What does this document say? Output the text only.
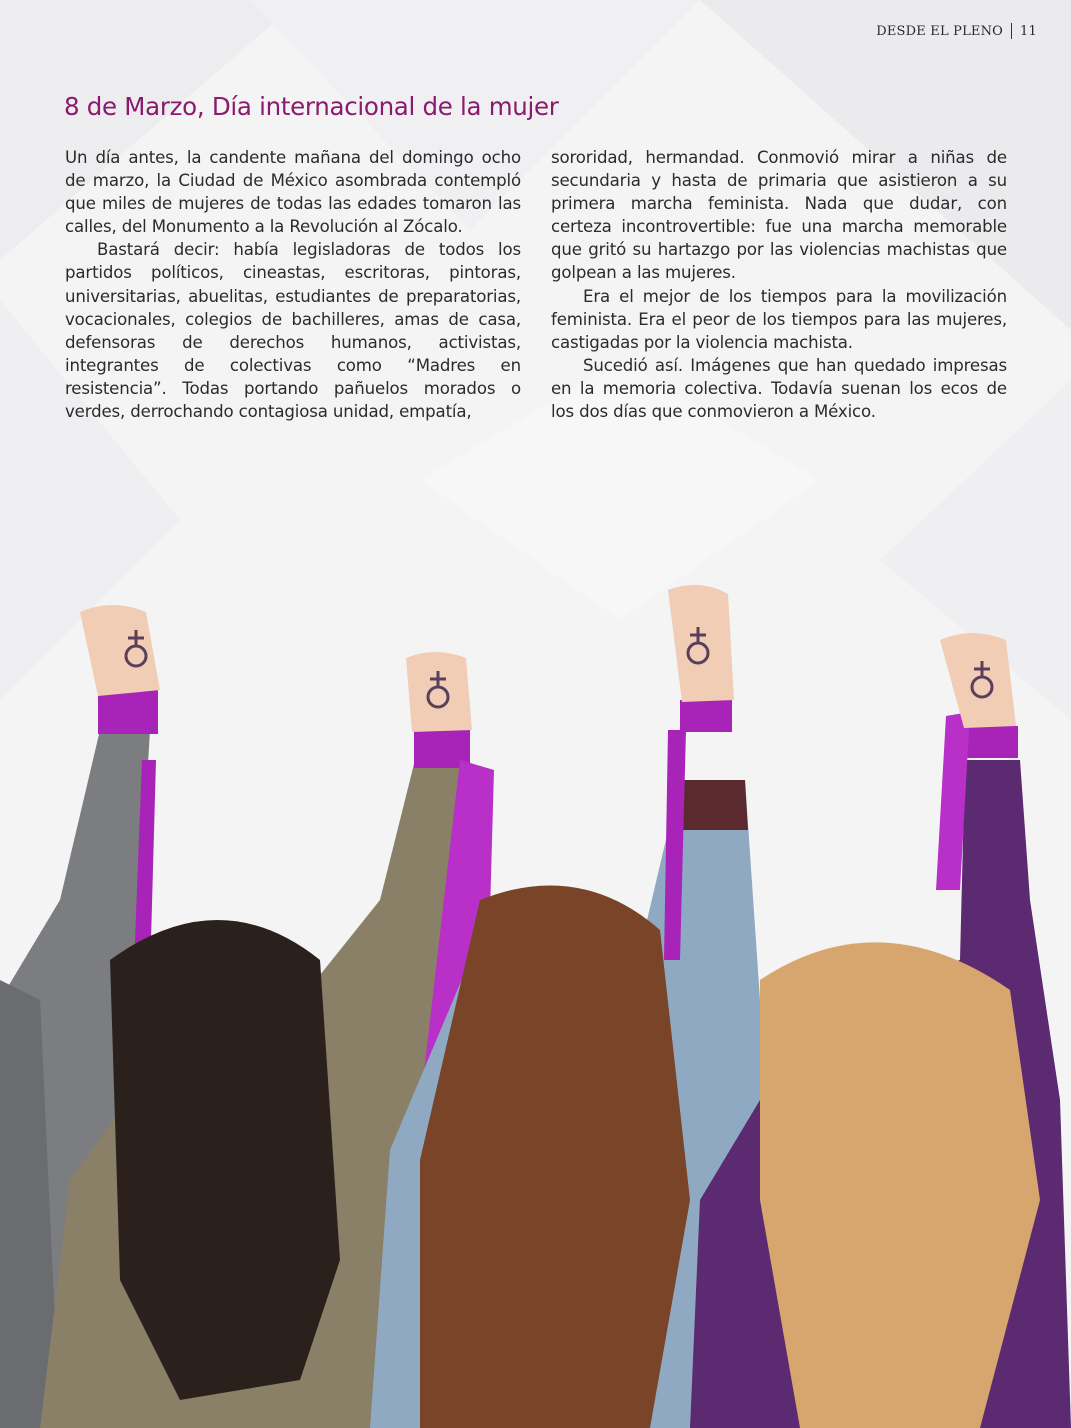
DESDE EL PLENO 11
8 de Marzo, Día internacional de la mujer

Un día antes, la candente mañana del domingo ocho de marzo, la Ciudad de México asombrada contempló que miles de mujeres de todas las edades tomaron las calles, del Monumento a la Revolución al Zócalo.

Bastará decir: había legisladoras de todos los partidos políticos, cineastas, escritoras, pintoras, universitarias, abuelitas, estudiantes de preparatorias, vocacionales, colegios de bachilleres, amas de casa, defensoras de derechos humanos, activistas, integrantes de colectivas como “Madres en resistencia”. Todas portando pañuelos morados o verdes, derrochando contagiosa unidad, empatía,

sororidad, hermandad. Conmovió mirar a niñas de secundaria y hasta de primaria que asistieron a su primera marcha feminista. Nada que dudar, con certeza incontrovertible: fue una marcha memorable que gritó su hartazgo por las violencias machistas que golpean a las mujeres.

Era el mejor de los tiempos para la movilización feminista. Era el peor de los tiempos para las mujeres, castigadas por la violencia machista.

Sucedió así. Imágenes que han quedado impresas en la memoria colectiva. Todavía suenan los ecos de los dos días que conmovieron a México.
